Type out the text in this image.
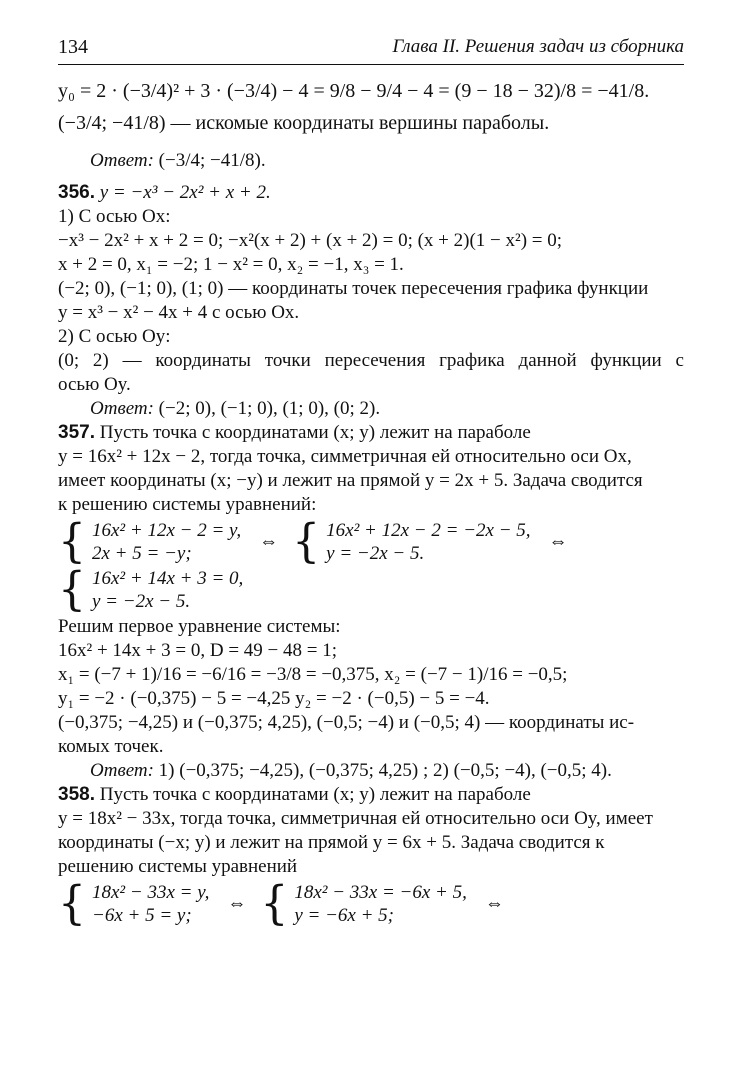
134	Глава II. Решения задач из сборника
y₀ = 2 · (−3/4)² + 3 · (−3/4) − 4 = 9/8 − 9/4 − 4 = (9 − 18 − 32)/8 = −41/8.
(−3/4; −41/8) — искомые координаты вершины параболы.
Ответ: (−3/4; −41/8).
356. y = −x³ − 2x² + x + 2.
1) С осью Ox:
−x³ − 2x² + x + 2 = 0; −x²(x + 2) + (x + 2) = 0; (x + 2)(1 − x²) = 0;
x + 2 = 0, x₁ = −2; 1 − x² = 0, x₂ = −1, x₃ = 1.
(−2; 0), (−1; 0), (1; 0) — координаты точек пересечения графика функции
y = x³ − x² − 4x + 4 с осью Ox.
2) С осью Oy:
(0; 2) — координаты точки пересечения графика данной функции с
осью Oy.
Ответ: (−2; 0), (−1; 0), (1; 0), (0; 2).
357. Пусть точка с координатами (x; y) лежит на параболе
y = 16x² + 12x − 2, тогда точка, симметричная ей относительно оси Ox,
имеет координаты (x; −y) и лежит на прямой y = 2x + 5. Задача сводится
к решению системы уравнений:
{ 16x² + 12x − 2 = y,
2x + 5 = −y;
⇔ { 16x² + 12x − 2 = −2x − 5,
y = −2x − 5.
⇔
{ 16x² + 14x + 3 = 0,
y = −2x − 5.
Решим первое уравнение системы:
16x² + 14x + 3 = 0, D = 49 − 48 = 1;
x₁ = (−7 + 1)/16 = −6/16 = −3/8 = −0,375, x₂ = (−7 − 1)/16 = −0,5;
y₁ = −2 · (−0,375) − 5 = −4,25 y₂ = −2 · (−0,5) − 5 = −4.
(−0,375; −4,25) и (−0,375; 4,25), (−0,5; −4) и (−0,5; 4) — координаты ис-
комых точек.
Ответ: 1) (−0,375; −4,25), (−0,375; 4,25) ; 2) (−0,5; −4), (−0,5; 4).
358. Пусть точка с координатами (x; y) лежит на параболе
y = 18x² − 33x, тогда точка, симметричная ей относительно оси Oy, имеет
координаты (−x; y) и лежит на прямой y = 6x + 5. Задача сводится к
решению системы уравнений
{ 18x² − 33x = y,
−6x + 5 = y;
⇔ { 18x² − 33x = −6x + 5,
y = −6x + 5;
⇔
